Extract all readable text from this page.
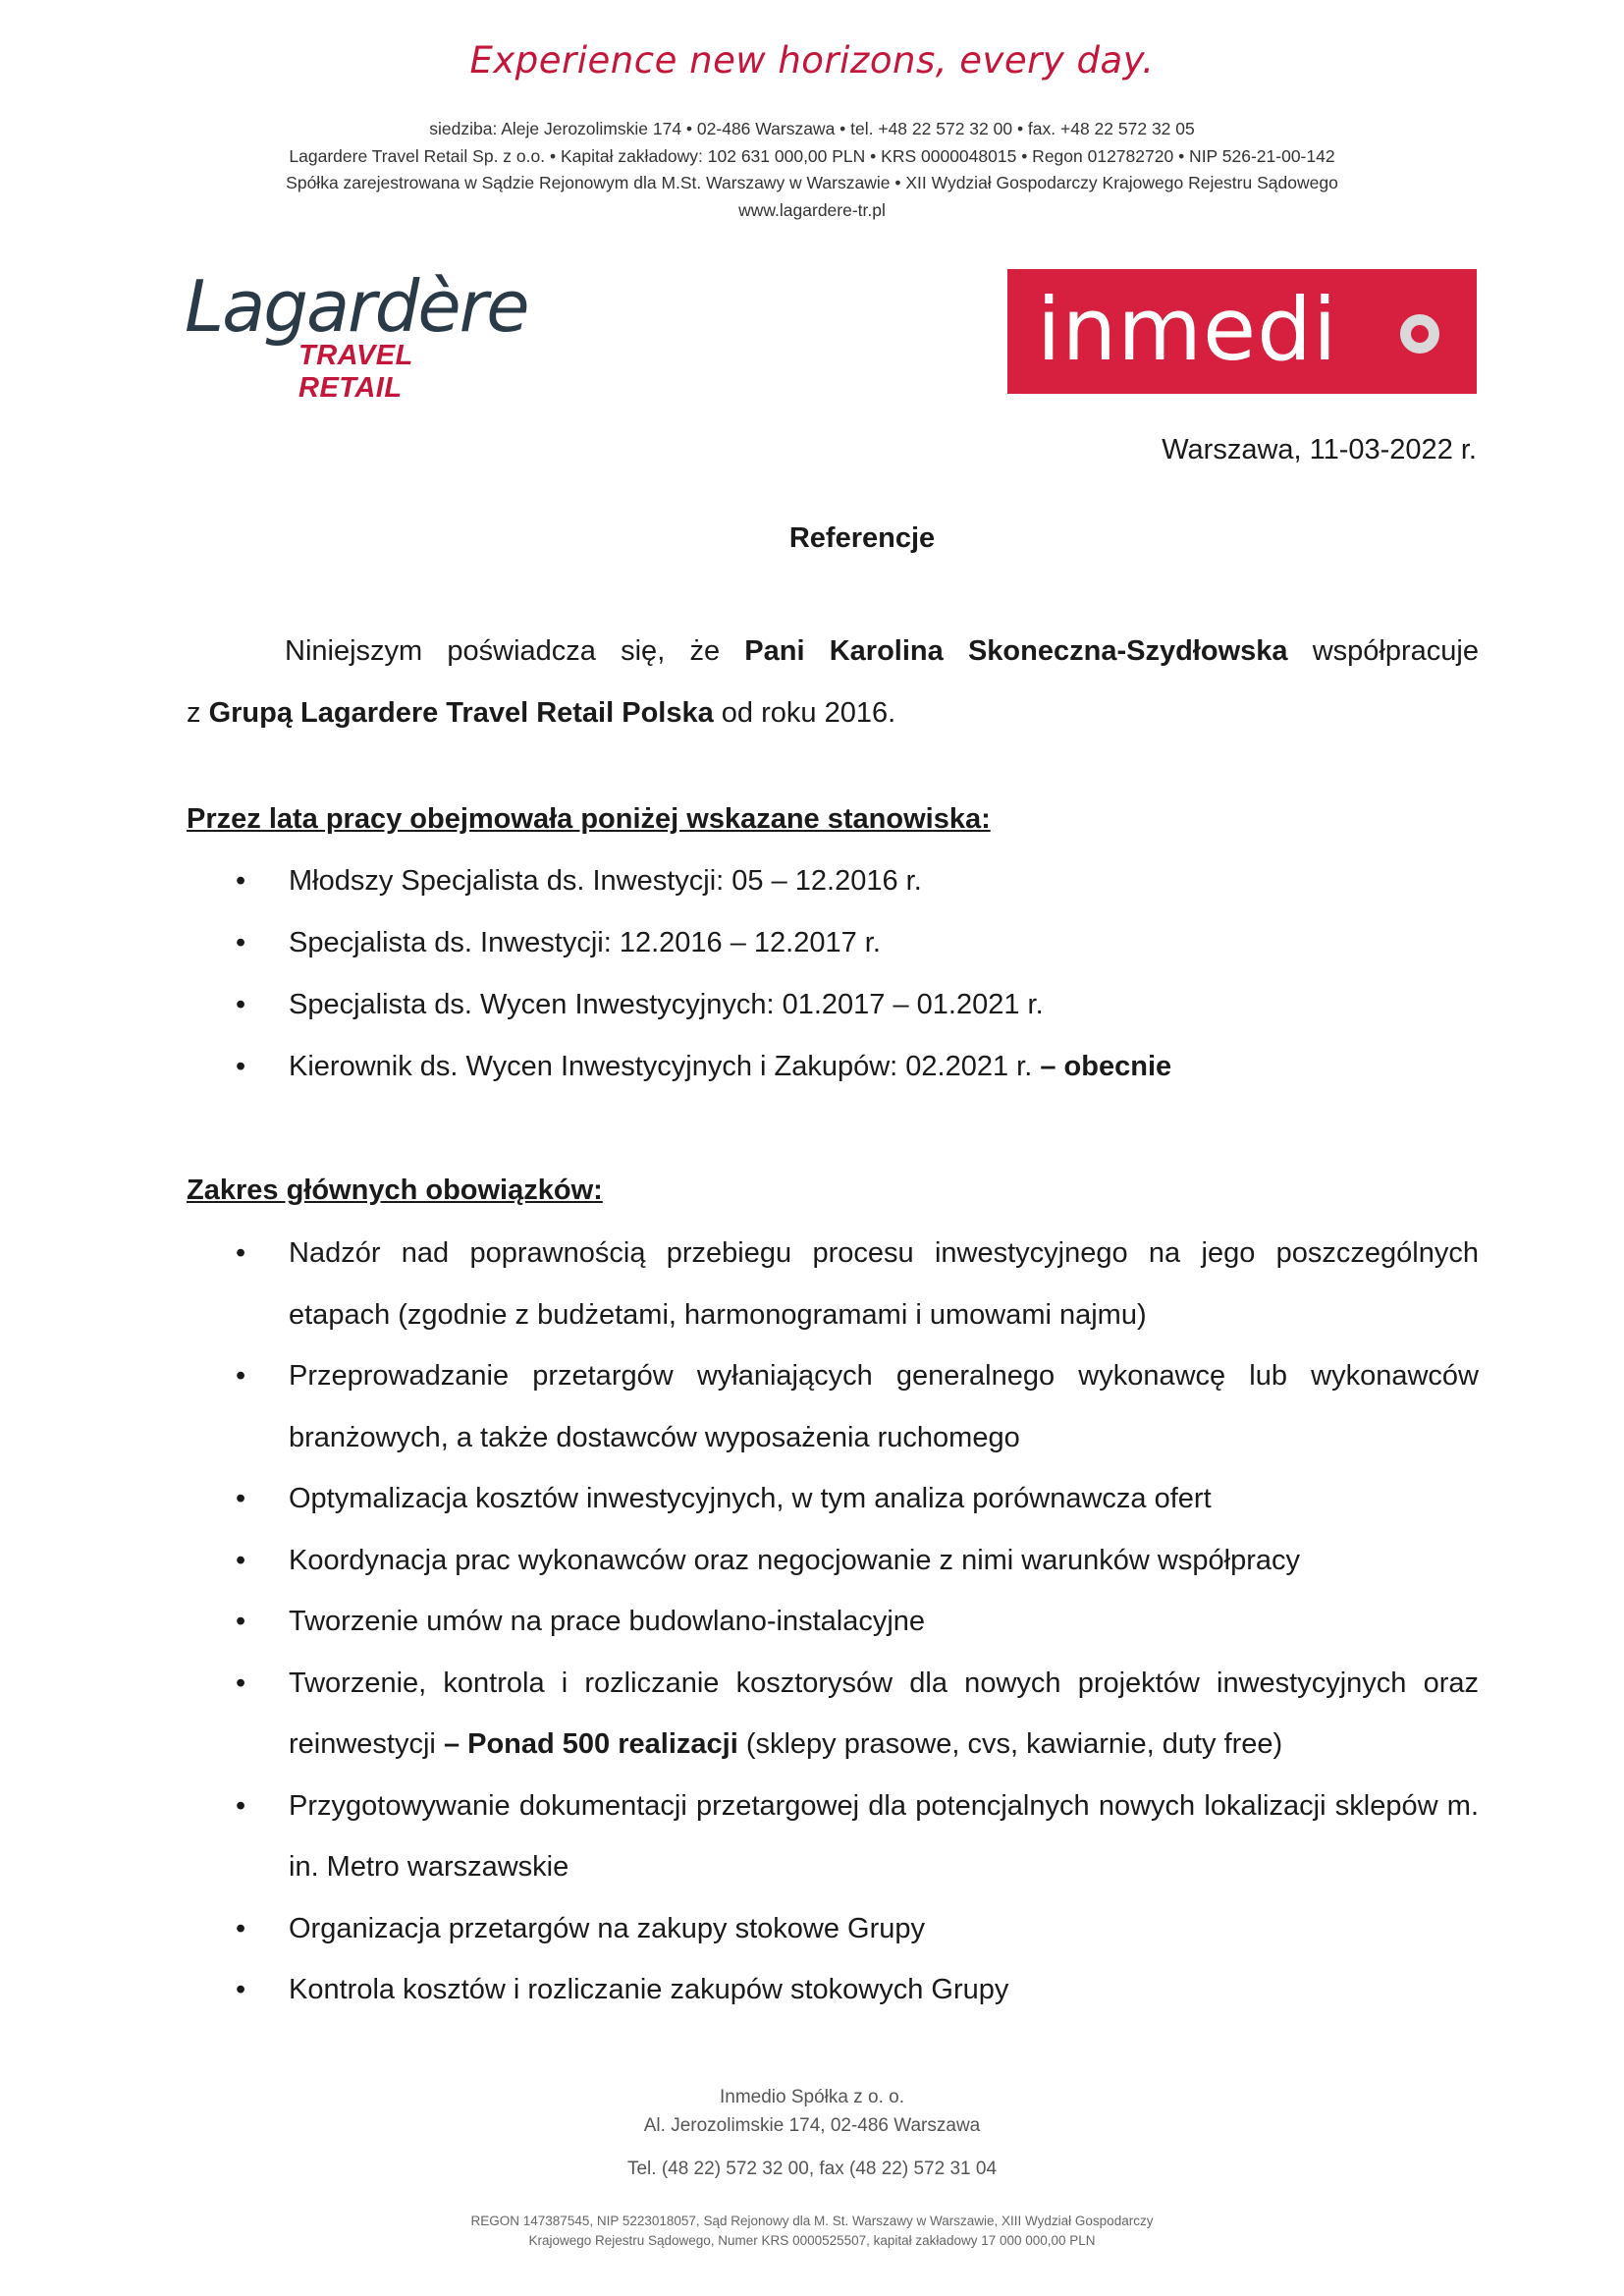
Experience new horizons, every day.
siedziba: Aleje Jerozolimskie 174 • 02-486 Warszawa • tel. +48 22 572 32 00 • fax. +48 22 572 32 05
Lagardere Travel Retail Sp. z o.o. • Kapitał zakładowy: 102 631 000,00 PLN • KRS 0000048015 • Regon 012782720 • NIP 526-21-00-142
Spółka zarejestrowana w Sądzie Rejonowym dla M.St. Warszawy w Warszawie • XII Wydział Gospodarczy Krajowego Rejestru Sądowego
www.lagardere-tr.pl
Lagardère
TRAVEL RETAIL
inmedi
Warszawa, 11-03-2022 r.
Referencje
Niniejszym poświadcza się, że Pani Karolina Skoneczna-Szydłowska współpracuje
z Grupą Lagardere Travel Retail Polska od roku 2016.
Przez lata pracy obejmowała poniżej wskazane stanowiska:
• Młodszy Specjalista ds. Inwestycji: 05 – 12.2016 r.
• Specjalista ds. Inwestycji: 12.2016 – 12.2017 r.
• Specjalista ds. Wycen Inwestycyjnych: 01.2017 – 01.2021 r.
• Kierownik ds. Wycen Inwestycyjnych i Zakupów: 02.2021 r. – obecnie
Zakres głównych obowiązków:
• Nadzór nad poprawnością przebiegu procesu inwestycyjnego na jego poszczególnych etapach (zgodnie z budżetami, harmonogramami i umowami najmu)
• Przeprowadzanie przetargów wyłaniających generalnego wykonawcę lub wykonawców branżowych, a także dostawców wyposażenia ruchomego
• Optymalizacja kosztów inwestycyjnych, w tym analiza porównawcza ofert
• Koordynacja prac wykonawców oraz negocjowanie z nimi warunków współpracy
• Tworzenie umów na prace budowlano-instalacyjne
• Tworzenie, kontrola i rozliczanie kosztorysów dla nowych projektów inwestycyjnych oraz reinwestycji – Ponad 500 realizacji (sklepy prasowe, cvs, kawiarnie, duty free)
• Przygotowywanie dokumentacji przetargowej dla potencjalnych nowych lokalizacji sklepów m. in. Metro warszawskie
• Organizacja przetargów na zakupy stokowe Grupy
• Kontrola kosztów i rozliczanie zakupów stokowych Grupy
Inmedio Spółka z o. o.
Al. Jerozolimskie 174, 02-486 Warszawa
Tel. (48 22) 572 32 00, fax (48 22) 572 31 04
REGON 147387545, NIP 5223018057, Sąd Rejonowy dla M. St. Warszawy w Warszawie, XIII Wydział Gospodarczy
Krajowego Rejestru Sądowego, Numer KRS 0000525507, kapitał zakładowy 17 000 000,00 PLN
